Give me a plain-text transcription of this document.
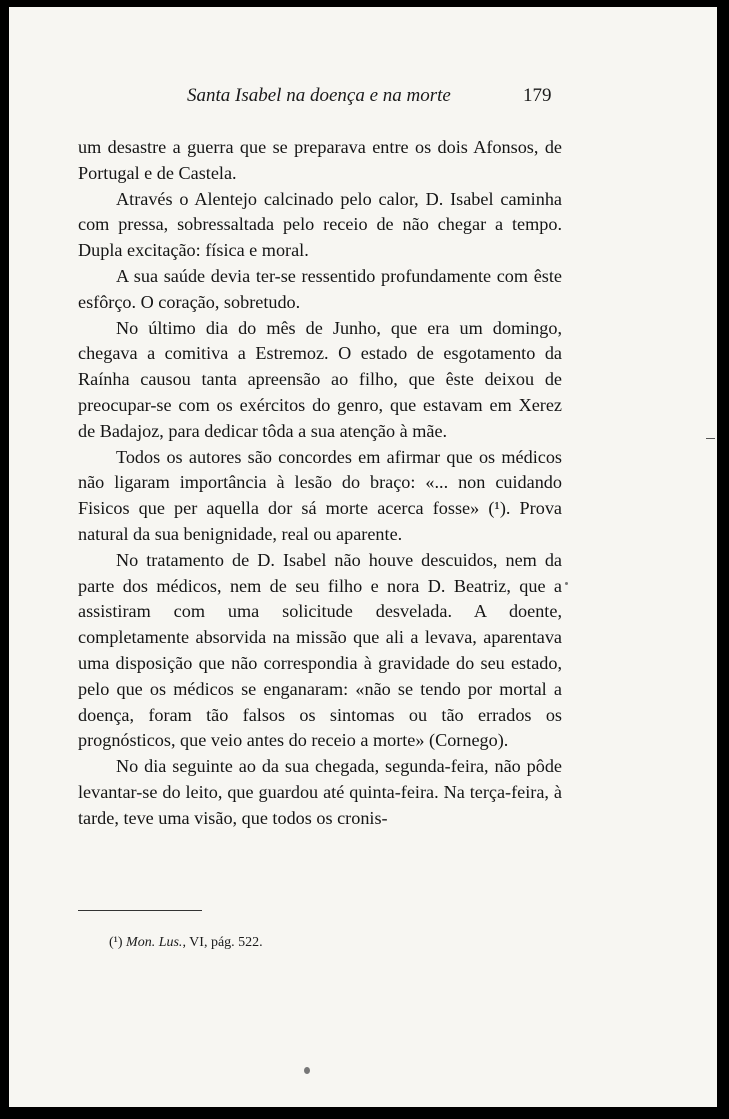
Santa Isabel na doença e na morte	179

um desastre a guerra que se preparava entre os dois Afonsos, de Portugal e de Castela.

Através o Alentejo calcinado pelo calor, D. Isabel caminha com pressa, sobressaltada pelo receio de não chegar a tempo. Dupla excitação: física e moral.

A sua saúde devia ter-se ressentido profundamente com êste esfôrço. O coração, sobretudo.

No último dia do mês de Junho, que era um domingo, chegava a comitiva a Estremoz. O estado de esgotamento da Raínha causou tanta apreensão ao filho, que êste deixou de preocupar-se com os exércitos do genro, que estavam em Xerez de Badajoz, para dedicar tôda a sua atenção à mãe.

Todos os autores são concordes em afirmar que os médicos não ligaram importância à lesão do braço: «... non cuidando Fisicos que per aquella dor sá morte acerca fosse» (¹). Prova natural da sua benignidade, real ou aparente.

No tratamento de D. Isabel não houve descuidos, nem da parte dos médicos, nem de seu filho e nora D. Beatriz, que a assistiram com uma solicitude desvelada. A doente, completamente absorvida na missão que ali a levava, aparentava uma disposição que não correspondia à gravidade do seu estado, pelo que os médicos se enganaram: «não se tendo por mortal a doença, foram tão falsos os sintomas ou tão errados os prognósticos, que veio antes do receio a morte» (Cornego).

No dia seguinte ao da sua chegada, segunda-feira, não pôde levantar-se do leito, que guardou até quinta-feira. Na terça-feira, à tarde, teve uma visão, que todos os cronis-

(¹) Mon. Lus., VI, pág. 522.
